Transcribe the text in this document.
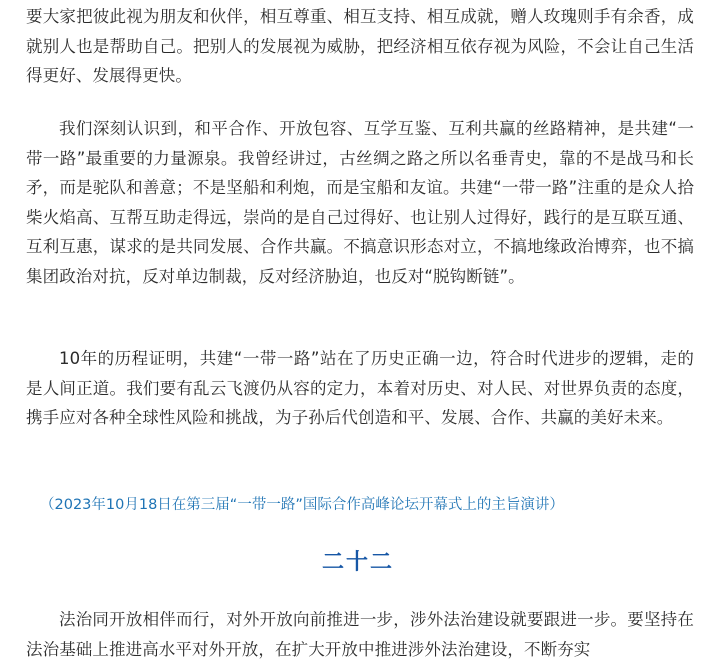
要大家把彼此视为朋友和伙伴，相互尊重、相互支持、相互成就，赠人玫瑰则手有余香，成就别人也是帮助自己。把别人的发展视为威胁，把经济相互依存视为风险，不会让自己生活得更好、发展得更快。

我们深刻认识到，和平合作、开放包容、互学互鉴、互利共赢的丝路精神，是共建“一带一路”最重要的力量源泉。我曾经讲过，古丝绸之路之所以名垂青史，靠的不是战马和长矛，而是驼队和善意；不是坚船和利炮，而是宝船和友谊。共建“一带一路”注重的是众人拾柴火焰高、互帮互助走得远，崇尚的是自己过得好、也让别人过得好，践行的是互联互通、互利互惠，谋求的是共同发展、合作共赢。不搞意识形态对立，不搞地缘政治博弈，也不搞集团政治对抗，反对单边制裁，反对经济胁迫，也反对“脱钩断链”。

10年的历程证明，共建“一带一路”站在了历史正确一边，符合时代进步的逻辑，走的是人间正道。我们要有乱云飞渡仍从容的定力，本着对历史、对人民、对世界负责的态度，携手应对各种全球性风险和挑战，为子孙后代创造和平、发展、合作、共赢的美好未来。

（2023年10月18日在第三届“一带一路”国际合作高峰论坛开幕式上的主旨演讲）
二十二

法治同开放相伴而行，对外开放向前推进一步，涉外法治建设就要跟进一步。要坚持在法治基础上推进高水平对外开放，在扩大开放中推进涉外法治建设，不断夯实
